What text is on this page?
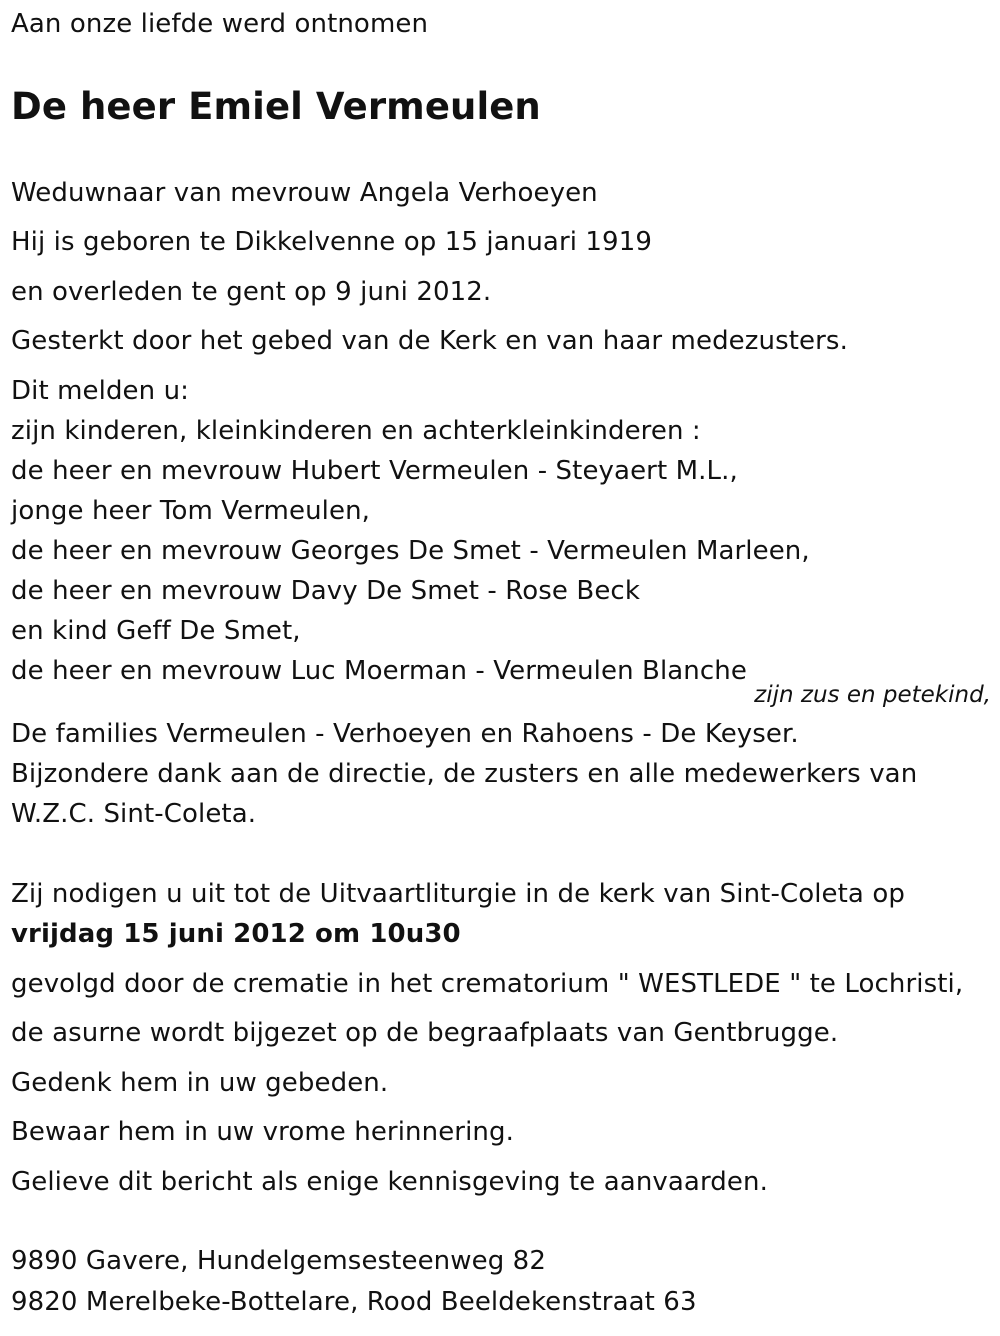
Aan onze liefde werd ontnomen
De heer Emiel Vermeulen
Weduwnaar van mevrouw Angela Verhoeyen
Hij is geboren te Dikkelvenne op 15 januari 1919
en overleden te gent op 9 juni 2012.
Gesterkt door het gebed van de Kerk en van haar medezusters.
Dit melden u:
zijn kinderen, kleinkinderen en achterkleinkinderen :
de heer en mevrouw Hubert Vermeulen - Steyaert M.L.,
jonge heer Tom Vermeulen,
de heer en mevrouw Georges De Smet - Vermeulen Marleen,
de heer en mevrouw Davy De Smet - Rose Beck
en kind Geff De Smet,
de heer en mevrouw Luc Moerman - Vermeulen Blanche
zijn zus en petekind,
De families Vermeulen - Verhoeyen en Rahoens - De Keyser.
Bijzondere dank aan de directie, de zusters en alle medewerkers van
W.Z.C. Sint-Coleta.
Zij nodigen u uit tot de Uitvaartliturgie in de kerk van Sint-Coleta op
vrijdag 15 juni 2012 om 10u30
gevolgd door de crematie in het crematorium " WESTLEDE " te Lochristi,
de asurne wordt bijgezet op de begraafplaats van Gentbrugge.
Gedenk hem in uw gebeden.
Bewaar hem in uw vrome herinnering.
Gelieve dit bericht als enige kennisgeving te aanvaarden.
9890 Gavere, Hundelgemsesteenweg 82
9820 Merelbeke-Bottelare, Rood Beeldekenstraat 63
